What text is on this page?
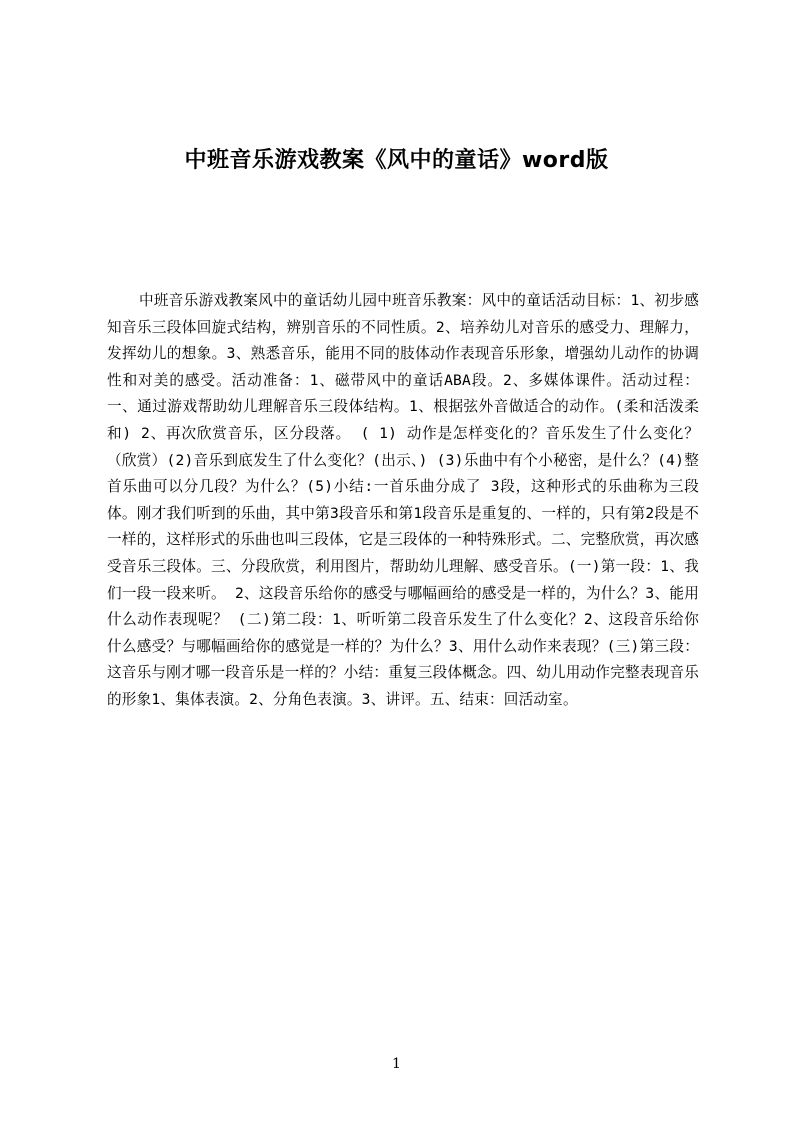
中班音乐游戏教案《风中的童话》word版
中班音乐游戏教案风中的童话幼儿园中班音乐教案：风中的童话活动目标：1、初步感知音乐三段体回旋式结构，辨别音乐的不同性质。2、培养幼儿对音乐的感受力、理解力，发挥幼儿的想象。3、熟悉音乐，能用不同的肢体动作表现音乐形象，增强幼儿动作的协调性和对美的感受。活动准备：1、磁带风中的童话ABA段。2、多媒体课件。活动过程：一、通过游戏帮助幼儿理解音乐三段体结构。1、根据弦外音做适合的动作。(柔和活泼柔和) 2、再次欣赏音乐，区分段落。 ( 1) 动作是怎样变化的？音乐发生了什么变化？（欣赏）(2)音乐到底发生了什么变化？(出示、) (3)乐曲中有个小秘密，是什么？(4)整首乐曲可以分几段？为什么？(5)小结:一首乐曲分成了 3段，这种形式的乐曲称为三段体。刚才我们听到的乐曲，其中第3段音乐和第1段音乐是重复的、一样的，只有第2段是不一样的，这样形式的乐曲也叫三段体，它是三段体的一种特殊形式。二、完整欣赏，再次感受音乐三段体。三、分段欣赏，利用图片，帮助幼儿理解、感受音乐。(一)第一段：1、我们一段一段来听。 2、这段音乐给你的感受与哪幅画给的感受是一样的，为什么？3、能用什么动作表现呢？ (二)第二段：1、听听第二段音乐发生了什么变化？2、这段音乐给你什么感受？与哪幅画给你的感觉是一样的？为什么？3、用什么动作来表现？(三)第三段：这音乐与刚才哪一段音乐是一样的？小结：重复三段体概念。四、幼儿用动作完整表现音乐的形象1、集体表演。2、分角色表演。3、讲评。五、结束：回活动室。
1
